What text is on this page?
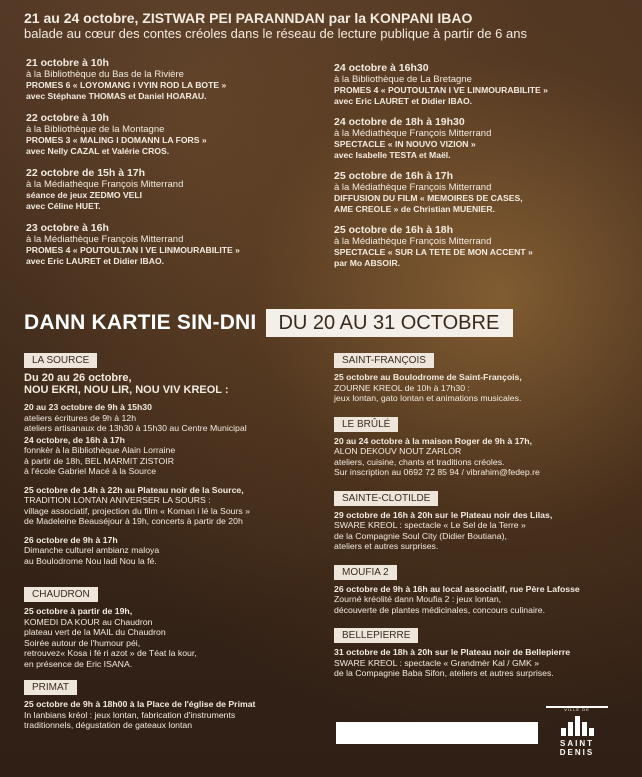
21 au 24 octobre, ZISTWAR PEI PARANNDAN par la KONPANI IBAO

balade au cœur des contes créoles dans le réseau de lecture publique à partir de 6 ans

21 octobre à 10h
à la Bibliothèque du Bas de la Rivière
PROMES 6 « LOYOMANG I VYIN ROD LA BOTE »
avec Stéphane THOMAS et Daniel HOARAU.
22 octobre à 10h
à la Bibliothèque de la Montagne
PROMES 3 « MALING I DOMANN LA FORS »
avec Nelly CAZAL et Valérie CROS.
22 octobre de 15h à 17h
à la Médiathèque François Mitterrand
séance de jeux ZEDMO VELI
avec Céline HUET.
23 octobre à 16h
à la Médiathèque François Mitterrand
PROMES 4 « POUTOULTAN I VE LINMOURABILITE »
avec Eric LAURET et Didier IBAO.
24 octobre à 16h30
à la Bibliothèque de La Bretagne
PROMES 4 « POUTOULTAN I VE LINMOURABILITE »
avec Eric LAURET et Didier IBAO.
24 octobre de 18h à 19h30
à la Médiathèque François Mitterrand
SPECTACLE « IN NOUVO VIZION »
avec Isabelle TESTA et Maël.
25 octobre de 16h à 17h
à la Médiathèque François Mitterrand
DIFFUSION DU FILM « MEMOIRES DE CASES,
AME CREOLE » de Christian MUENIER.
25 octobre de 16h à 18h
à la Médiathèque François Mitterrand
SPECTACLE « SUR LA TETE DE MON ACCENT »
par Mo ABSOIR.
DANN KARTIE SIN-DNI	DU 20 AU 31 OCTOBRE
LA SOURCE
Du 20 au 26 octobre,
NOU EKRI, NOU LIR, NOU VIV KREOL :
20 au 23 octobre de 9h à 15h30
ateliers écritures de 9h à 12h
ateliers artisanaux de 13h30 à 15h30 au Centre Municipal
24 octobre, de 16h à 17h
fonnkèr à la Bibliothèque Alain Lorraine
à partir de 18h, BEL MARMIT ZISTOIR
à l'école Gabriel Macé à la Source
25 octobre de 14h à 22h au Plateau noir de la Source,
TRADITION LONTAN ANIVERSER LA SOURS :
village associatif, projection du film « Koman i lé la Sours »
de Madeleine Beauséjour à 19h, concerts à partir de 20h
26 octobre de 9h à 17h
Dimanche culturel ambianz maloya
au Boulodrome Nou ladi Nou la fé.
CHAUDRON
25 octobre à partir de 19h,
KOMEDI DA KOUR au Chaudron
plateau vert de la MAIL du Chaudron
Soirée autour de l'humour péi,
retrouvez« Kosa i fé ri azot » de Téat la kour,
en présence de Eric ISANA.
PRIMAT
25 octobre de 9h à 18h00 à la Place de l'église de Primat
In lanbians kréol : jeux lontan, fabrication d'instruments
traditionnels, dégustation de gateaux lontan
SAINT-FRANÇOIS
25 octobre au Boulodrome de Saint-François,
ZOURNE KREOL de 10h à 17h30 :
jeux lontan, gato lontan et animations musicales.
LE BRÛLÉ
20 au 24 octobre à la maison Roger de 9h à 17h,
ALON DEKOUV NOUT ZARLOR
ateliers, cuisine, chants et traditions créoles.
Sur inscription au 0692 72 85 94 / vibrahim@fedep.re
SAINTE-CLOTILDE
29 octobre de 16h à 20h sur le Plateau noir des Lilas,
SWARE KREOL : spectacle « Le Sel de la Terre »
de la Compagnie Soul City (Didier Boutiana),
ateliers et autres surprises.
MOUFIA 2
26 octobre de 9h à 16h au local associatif, rue Père Lafosse
Zourné kréolité dann Moufia 2 : jeux lontan,
découverte de plantes médicinales, concours culinaire.
BELLEPIERRE
31 octobre de 18h à 20h sur le Plateau noir de Bellepierre
SWARE KREOL : spectacle « Grandmèr Kal / GMK »
de la Compagnie Baba Sifon, ateliers et autres surprises.
VILLE DE
SAINT
DENIS
